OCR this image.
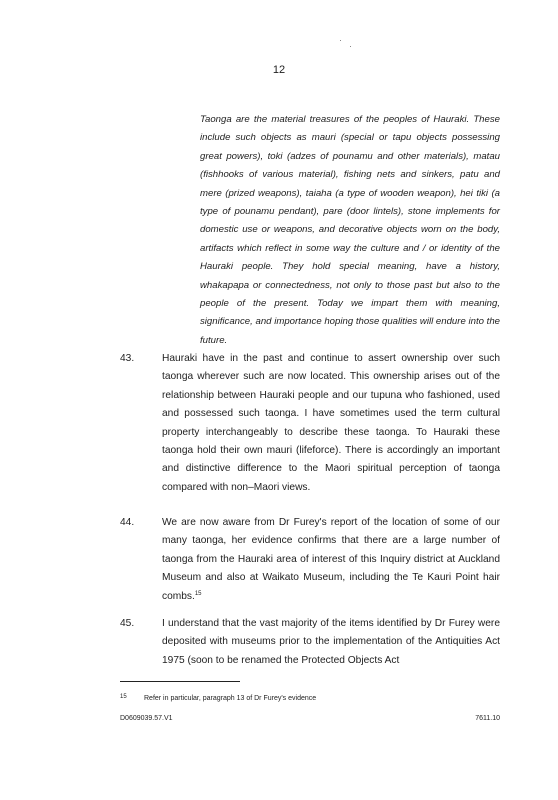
12
Taonga are the material treasures of the peoples of Hauraki. These include such objects as mauri (special or tapu objects possessing great powers), toki (adzes of pounamu and other materials), matau (fishhooks of various material), fishing nets and sinkers, patu and mere (prized weapons), taiaha (a type of wooden weapon), hei tiki (a type of pounamu pendant), pare (door lintels), stone implements for domestic use or weapons, and decorative objects worn on the body, artifacts which reflect in some way the culture and / or identity of the Hauraki people. They hold special meaning, have a history, whakapapa or connectedness, not only to those past but also to the people of the present. Today we impart them with meaning, significance, and importance hoping those qualities will endure into the future.
43.	Hauraki have in the past and continue to assert ownership over such taonga wherever such are now located. This ownership arises out of the relationship between Hauraki people and our tupuna who fashioned, used and possessed such taonga. I have sometimes used the term cultural property interchangeably to describe these taonga. To Hauraki these taonga hold their own mauri (lifeforce). There is accordingly an important and distinctive difference to the Maori spiritual perception of taonga compared with non–Maori views.
44.	We are now aware from Dr Furey's report of the location of some of our many taonga, her evidence confirms that there are a large number of taonga from the Hauraki area of interest of this Inquiry district at Auckland Museum and also at Waikato Museum, including the Te Kauri Point hair combs.$^{15}$
45.	I understand that the vast majority of the items identified by Dr Furey were deposited with museums prior to the implementation of the Antiquities Act 1975 (soon to be renamed the Protected Objects Act
15 Refer in particular, paragraph 13 of Dr Furey's evidence
D0609039.57.V1	7611.10
